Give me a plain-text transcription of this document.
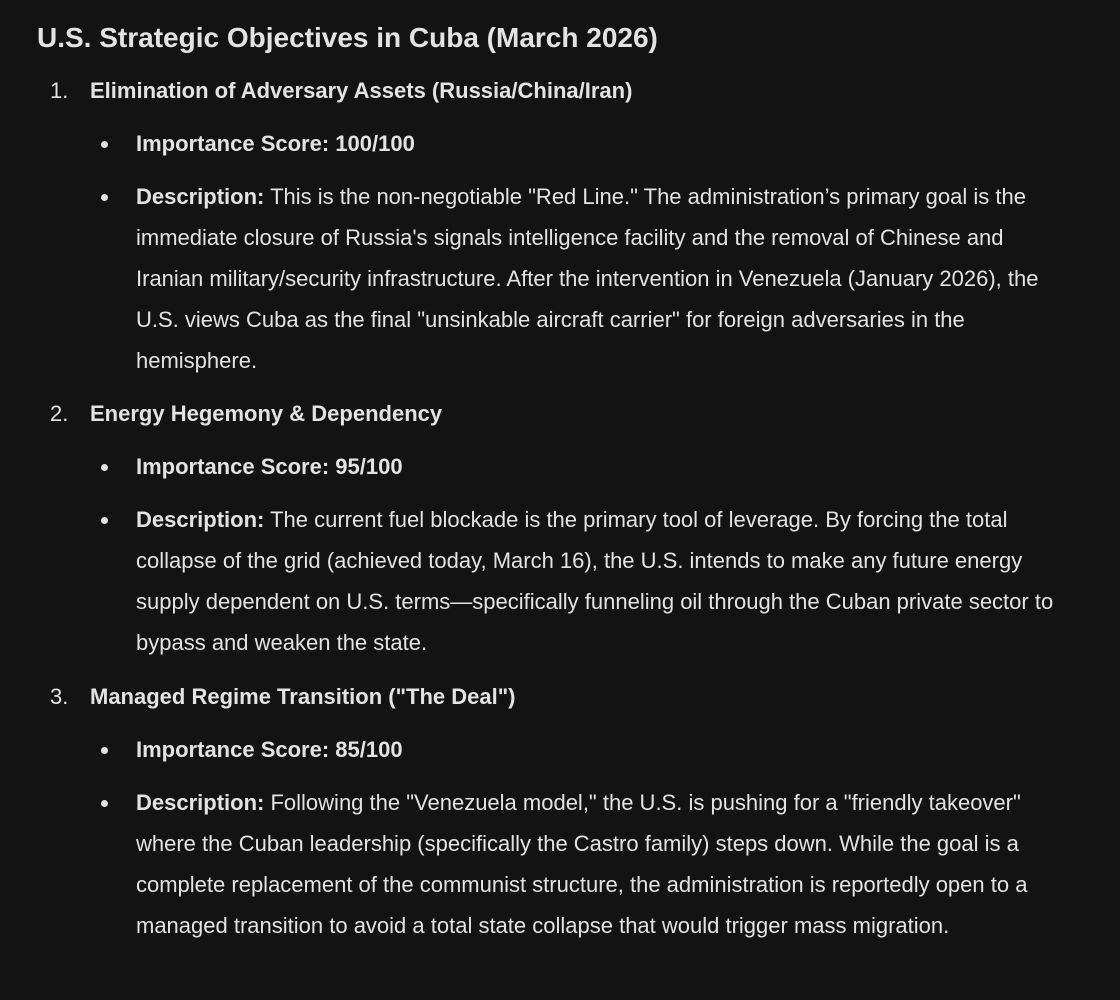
U.S. Strategic Objectives in Cuba (March 2026)
1. Elimination of Adversary Assets (Russia/China/Iran)
Importance Score: 100/100
Description: This is the non-negotiable "Red Line." The administration’s primary goal is the immediate closure of Russia's signals intelligence facility and the removal of Chinese and Iranian military/security infrastructure. After the intervention in Venezuela (January 2026), the U.S. views Cuba as the final "unsinkable aircraft carrier" for foreign adversaries in the hemisphere.
2. Energy Hegemony & Dependency
Importance Score: 95/100
Description: The current fuel blockade is the primary tool of leverage. By forcing the total collapse of the grid (achieved today, March 16), the U.S. intends to make any future energy supply dependent on U.S. terms—specifically funneling oil through the Cuban private sector to bypass and weaken the state.
3. Managed Regime Transition ("The Deal")
Importance Score: 85/100
Description: Following the "Venezuela model," the U.S. is pushing for a "friendly takeover" where the Cuban leadership (specifically the Castro family) steps down. While the goal is a complete replacement of the communist structure, the administration is reportedly open to a managed transition to avoid a total state collapse that would trigger mass migration.
